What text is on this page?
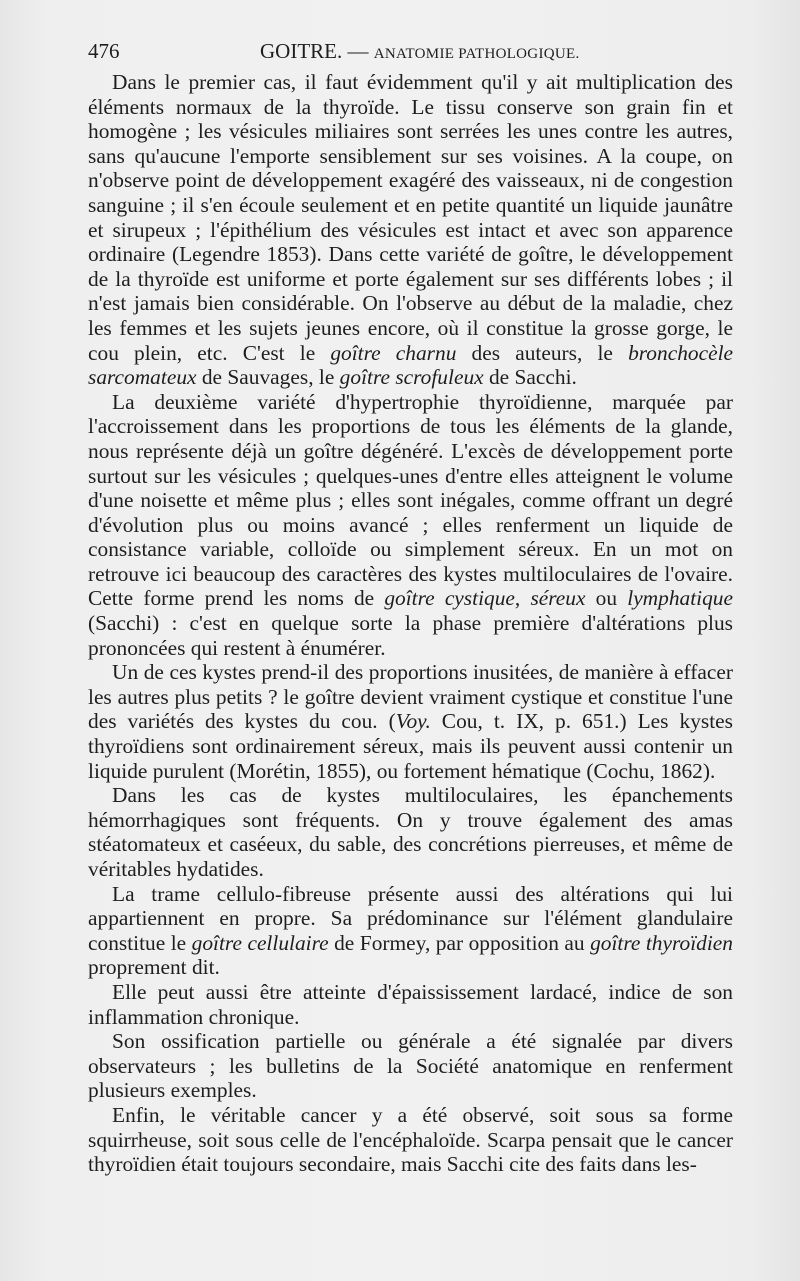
476	GOITRE. — ANATOMIE PATHOLOGIQUE.

Dans le premier cas, il faut évidemment qu'il y ait multiplication des éléments normaux de la thyroïde. Le tissu conserve son grain fin et homogène ; les vésicules miliaires sont serrées les unes contre les autres, sans qu'aucune l'emporte sensiblement sur ses voisines. A la coupe, on n'observe point de développement exagéré des vaisseaux, ni de congestion sanguine ; il s'en écoule seulement et en petite quantité un liquide jaunâtre et sirupeux ; l'épithélium des vésicules est intact et avec son apparence ordinaire (Legendre 1853). Dans cette variété de goître, le développement de la thyroïde est uniforme et porte également sur ses différents lobes ; il n'est jamais bien considérable. On l'observe au début de la maladie, chez les femmes et les sujets jeunes encore, où il constitue la grosse gorge, le cou plein, etc. C'est le goître charnu des auteurs, le bronchocèle sarcomateux de Sauvages, le goître scrofuleux de Sacchi.

La deuxième variété d'hypertrophie thyroïdienne, marquée par l'accroissement dans les proportions de tous les éléments de la glande, nous représente déjà un goître dégénéré. L'excès de développement porte surtout sur les vésicules ; quelques-unes d'entre elles atteignent le volume d'une noisette et même plus ; elles sont inégales, comme offrant un degré d'évolution plus ou moins avancé ; elles renferment un liquide de consistance variable, colloïde ou simplement séreux. En un mot on retrouve ici beaucoup des caractères des kystes multiloculaires de l'ovaire. Cette forme prend les noms de goître cystique, séreux ou lymphatique (Sacchi) : c'est en quelque sorte la phase première d'altérations plus prononcées qui restent à énumérer.

Un de ces kystes prend-il des proportions inusitées, de manière à effacer les autres plus petits ? le goître devient vraiment cystique et constitue l'une des variétés des kystes du cou. (Voy. Cou, t. IX, p. 651.) Les kystes thyroïdiens sont ordinairement séreux, mais ils peuvent aussi contenir un liquide purulent (Morétin, 1855), ou fortement hématique (Cochu, 1862).

Dans les cas de kystes multiloculaires, les épanchements hémorrhagiques sont fréquents. On y trouve également des amas stéatomateux et caséeux, du sable, des concrétions pierreuses, et même de véritables hydatides.

La trame cellulo-fibreuse présente aussi des altérations qui lui appartiennent en propre. Sa prédominance sur l'élément glandulaire constitue le goître cellulaire de Formey, par opposition au goître thyroïdien proprement dit.

Elle peut aussi être atteinte d'épaississement lardacé, indice de son inflammation chronique.

Son ossification partielle ou générale a été signalée par divers observateurs ; les bulletins de la Société anatomique en renferment plusieurs exemples.

Enfin, le véritable cancer y a été observé, soit sous sa forme squirrheuse, soit sous celle de l'encéphaloïde. Scarpa pensait que le cancer thyroïdien était toujours secondaire, mais Sacchi cite des faits dans les-
